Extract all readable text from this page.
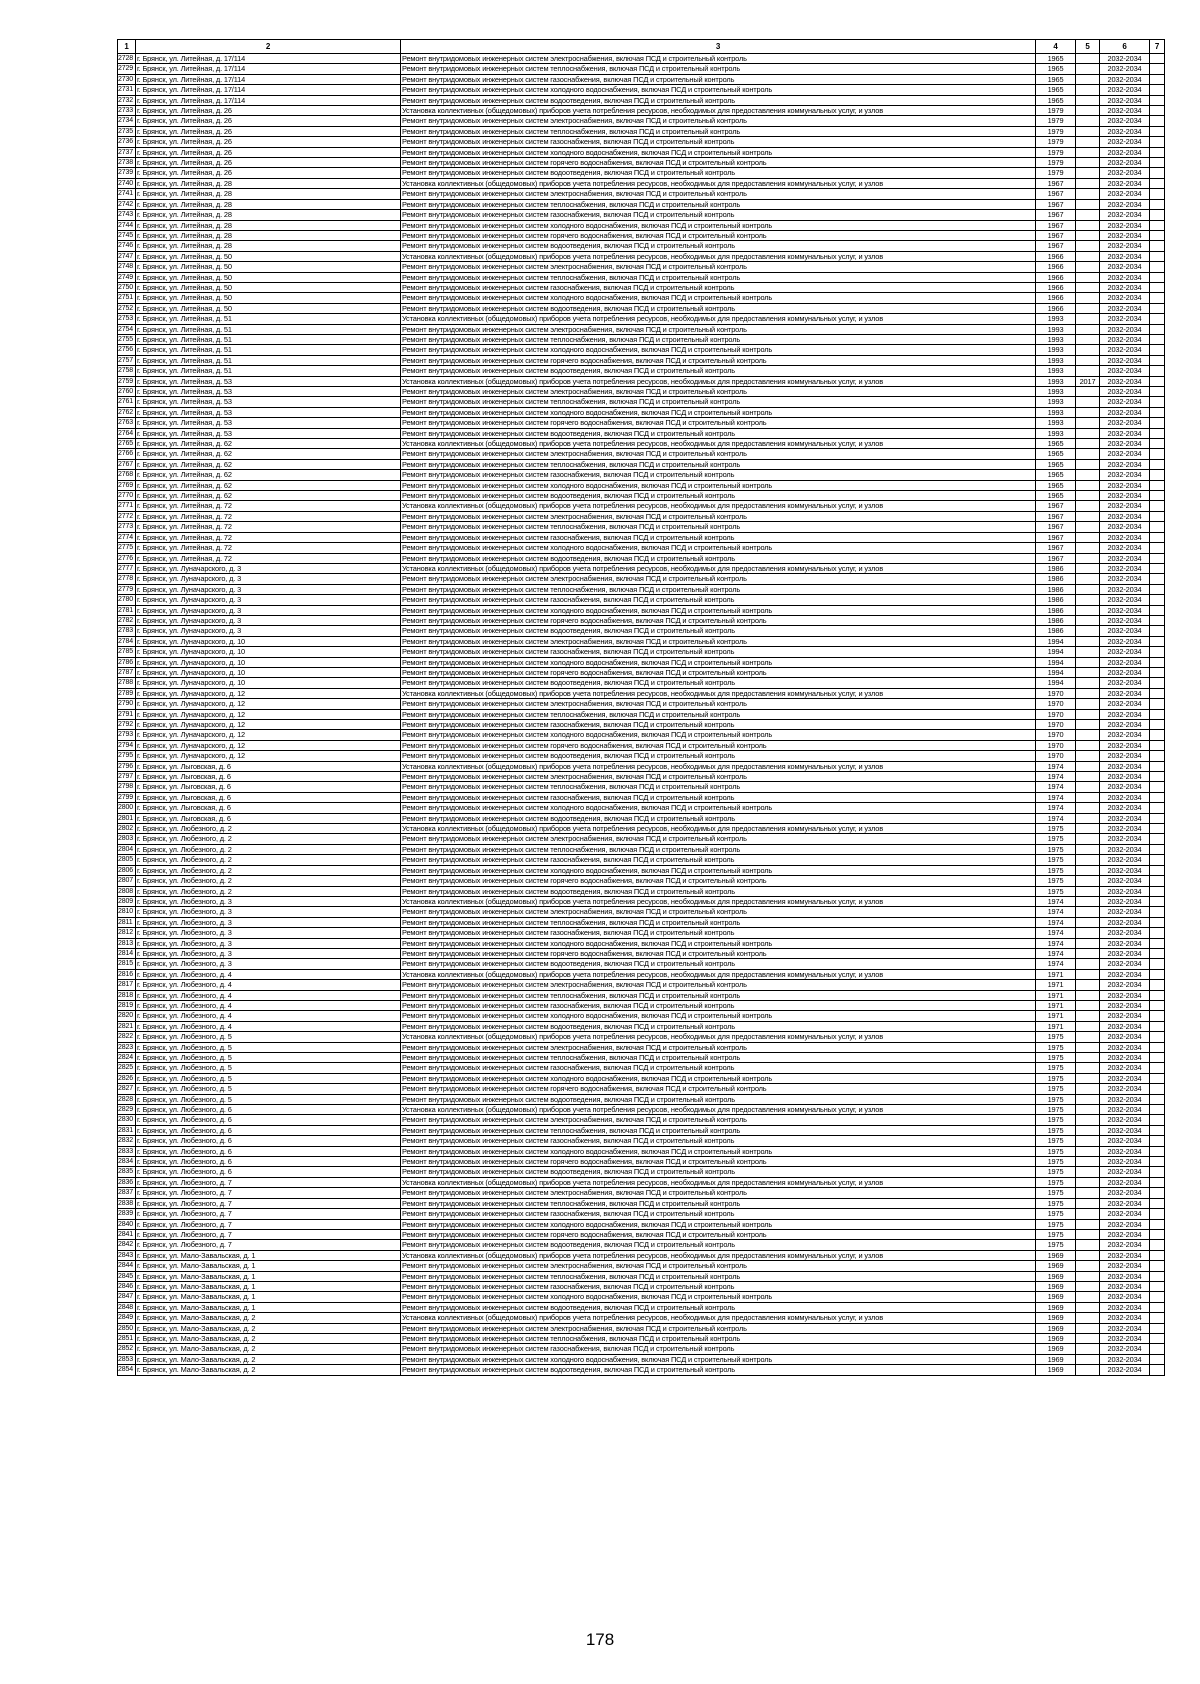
1	2	3	4	5	6	7
2728	г. Брянск, ул. Литейная, д. 17/114	Ремонт внутридомовых инженерных систем электроснабжения, включая ПСД и строительный контроль	1965		2032-2034	
2729	г. Брянск, ул. Литейная, д. 17/114	Ремонт внутридомовых инженерных систем теплоснабжения, включая ПСД и строительный контроль	1965		2032-2034	
2730	г. Брянск, ул. Литейная, д. 17/114	Ремонт внутридомовых инженерных систем газоснабжения, включая ПСД и строительный контроль	1965		2032-2034	
2731	г. Брянск, ул. Литейная, д. 17/114	Ремонт внутридомовых инженерных систем холодного водоснабжения, включая ПСД и строительный контроль	1965		2032-2034	
2732	г. Брянск, ул. Литейная, д. 17/114	Ремонт внутридомовых инженерных систем водоотведения, включая ПСД и строительный контроль	1965		2032-2034	
2733	г. Брянск, ул. Литейная, д. 26	Установка коллективных (общедомовых) приборов учета потребления ресурсов, необходимых для предоставления коммунальных услуг, и узлов	1979		2032-2034	
2734	г. Брянск, ул. Литейная, д. 26	Ремонт внутридомовых инженерных систем электроснабжения, включая ПСД и строительный контроль	1979		2032-2034	
2735	г. Брянск, ул. Литейная, д. 26	Ремонт внутридомовых инженерных систем теплоснабжения, включая ПСД и строительный контроль	1979		2032-2034	
2736	г. Брянск, ул. Литейная, д. 26	Ремонт внутридомовых инженерных систем газоснабжения, включая ПСД и строительный контроль	1979		2032-2034	
2737	г. Брянск, ул. Литейная, д. 26	Ремонт внутридомовых инженерных систем холодного водоснабжения, включая ПСД и строительный контроль	1979		2032-2034	
2738	г. Брянск, ул. Литейная, д. 26	Ремонт внутридомовых инженерных систем горячего водоснабжения, включая ПСД и строительный контроль	1979		2032-2034	
2739	г. Брянск, ул. Литейная, д. 26	Ремонт внутридомовых инженерных систем водоотведения, включая ПСД и строительный контроль	1979		2032-2034	
2740	г. Брянск, ул. Литейная, д. 28	Установка коллективных (общедомовых) приборов учета потребления ресурсов, необходимых для предоставления коммунальных услуг, и узлов	1967		2032-2034	
2741	г. Брянск, ул. Литейная, д. 28	Ремонт внутридомовых инженерных систем электроснабжения, включая ПСД и строительный контроль	1967		2032-2034	
2742	г. Брянск, ул. Литейная, д. 28	Ремонт внутридомовых инженерных систем теплоснабжения, включая ПСД и строительный контроль	1967		2032-2034	
2743	г. Брянск, ул. Литейная, д. 28	Ремонт внутридомовых инженерных систем газоснабжения, включая ПСД и строительный контроль	1967		2032-2034	
2744	г. Брянск, ул. Литейная, д. 28	Ремонт внутридомовых инженерных систем холодного водоснабжения, включая ПСД и строительный контроль	1967		2032-2034	
2745	г. Брянск, ул. Литейная, д. 28	Ремонт внутридомовых инженерных систем горячего водоснабжения, включая ПСД и строительный контроль	1967		2032-2034	
2746	г. Брянск, ул. Литейная, д. 28	Ремонт внутридомовых инженерных систем водоотведения, включая ПСД и строительный контроль	1967		2032-2034	
2747	г. Брянск, ул. Литейная, д. 50	Установка коллективных (общедомовых) приборов учета потребления ресурсов, необходимых для предоставления коммунальных услуг, и узлов	1966		2032-2034	
2748	г. Брянск, ул. Литейная, д. 50	Ремонт внутридомовых инженерных систем электроснабжения, включая ПСД и строительный контроль	1966		2032-2034	
2749	г. Брянск, ул. Литейная, д. 50	Ремонт внутридомовых инженерных систем теплоснабжения, включая ПСД и строительный контроль	1966		2032-2034	
2750	г. Брянск, ул. Литейная, д. 50	Ремонт внутридомовых инженерных систем газоснабжения, включая ПСД и строительный контроль	1966		2032-2034	
2751	г. Брянск, ул. Литейная, д. 50	Ремонт внутридомовых инженерных систем холодного водоснабжения, включая ПСД и строительный контроль	1966		2032-2034	
2752	г. Брянск, ул. Литейная, д. 50	Ремонт внутридомовых инженерных систем водоотведения, включая ПСД и строительный контроль	1966		2032-2034	
2753	г. Брянск, ул. Литейная, д. 51	Установка коллективных (общедомовых) приборов учета потребления ресурсов, необходимых для предоставления коммунальных услуг, и узлов	1993		2032-2034	
2754	г. Брянск, ул. Литейная, д. 51	Ремонт внутридомовых инженерных систем электроснабжения, включая ПСД и строительный контроль	1993		2032-2034	
2755	г. Брянск, ул. Литейная, д. 51	Ремонт внутридомовых инженерных систем теплоснабжения, включая ПСД и строительный контроль	1993		2032-2034	
2756	г. Брянск, ул. Литейная, д. 51	Ремонт внутридомовых инженерных систем холодного водоснабжения, включая ПСД и строительный контроль	1993		2032-2034	
2757	г. Брянск, ул. Литейная, д. 51	Ремонт внутридомовых инженерных систем горячего водоснабжения, включая ПСД и строительный контроль	1993		2032-2034	
2758	г. Брянск, ул. Литейная, д. 51	Ремонт внутридомовых инженерных систем водоотведения, включая ПСД и строительный контроль	1993		2032-2034	
2759	г. Брянск, ул. Литейная, д. 53	Установка коллективных (общедомовых) приборов учета потребления ресурсов, необходимых для предоставления коммунальных услуг, и узлов	1993	2017	2032-2034	
2760	г. Брянск, ул. Литейная, д. 53	Ремонт внутридомовых инженерных систем электроснабжения, включая ПСД и строительный контроль	1993		2032-2034	
2761	г. Брянск, ул. Литейная, д. 53	Ремонт внутридомовых инженерных систем теплоснабжения, включая ПСД и строительный контроль	1993		2032-2034	
2762	г. Брянск, ул. Литейная, д. 53	Ремонт внутридомовых инженерных систем холодного водоснабжения, включая ПСД и строительный контроль	1993		2032-2034	
2763	г. Брянск, ул. Литейная, д. 53	Ремонт внутридомовых инженерных систем горячего водоснабжения, включая ПСД и строительный контроль	1993		2032-2034	
2764	г. Брянск, ул. Литейная, д. 53	Ремонт внутридомовых инженерных систем водоотведения, включая ПСД и строительный контроль	1993		2032-2034	
2765	г. Брянск, ул. Литейная, д. 62	Установка коллективных (общедомовых) приборов учета потребления ресурсов, необходимых для предоставления коммунальных услуг, и узлов	1965		2032-2034	
2766	г. Брянск, ул. Литейная, д. 62	Ремонт внутридомовых инженерных систем электроснабжения, включая ПСД и строительный контроль	1965		2032-2034	
2767	г. Брянск, ул. Литейная, д. 62	Ремонт внутридомовых инженерных систем теплоснабжения, включая ПСД и строительный контроль	1965		2032-2034	
2768	г. Брянск, ул. Литейная, д. 62	Ремонт внутридомовых инженерных систем газоснабжения, включая ПСД и строительный контроль	1965		2032-2034	
2769	г. Брянск, ул. Литейная, д. 62	Ремонт внутридомовых инженерных систем холодного водоснабжения, включая ПСД и строительный контроль	1965		2032-2034	
2770	г. Брянск, ул. Литейная, д. 62	Ремонт внутридомовых инженерных систем водоотведения, включая ПСД и строительный контроль	1965		2032-2034	
2771	г. Брянск, ул. Литейная, д. 72	Установка коллективных (общедомовых) приборов учета потребления ресурсов, необходимых для предоставления коммунальных услуг, и узлов	1967		2032-2034	
2772	г. Брянск, ул. Литейная, д. 72	Ремонт внутридомовых инженерных систем электроснабжения, включая ПСД и строительный контроль	1967		2032-2034	
2773	г. Брянск, ул. Литейная, д. 72	Ремонт внутридомовых инженерных систем теплоснабжения, включая ПСД и строительный контроль	1967		2032-2034	
2774	г. Брянск, ул. Литейная, д. 72	Ремонт внутридомовых инженерных систем газоснабжения, включая ПСД и строительный контроль	1967		2032-2034	
2775	г. Брянск, ул. Литейная, д. 72	Ремонт внутридомовых инженерных систем холодного водоснабжения, включая ПСД и строительный контроль	1967		2032-2034	
2776	г. Брянск, ул. Литейная, д. 72	Ремонт внутридомовых инженерных систем водоотведения, включая ПСД и строительный контроль	1967		2032-2034	
2777	г. Брянск, ул. Луначарского, д. 3	Установка коллективных (общедомовых) приборов учета потребления ресурсов, необходимых для предоставления коммунальных услуг, и узлов	1986		2032-2034	
2778	г. Брянск, ул. Луначарского, д. 3	Ремонт внутридомовых инженерных систем электроснабжения, включая ПСД и строительный контроль	1986		2032-2034	
2779	г. Брянск, ул. Луначарского, д. 3	Ремонт внутридомовых инженерных систем теплоснабжения, включая ПСД и строительный контроль	1986		2032-2034	
2780	г. Брянск, ул. Луначарского, д. 3	Ремонт внутридомовых инженерных систем газоснабжения, включая ПСД и строительный контроль	1986		2032-2034	
2781	г. Брянск, ул. Луначарского, д. 3	Ремонт внутридомовых инженерных систем холодного водоснабжения, включая ПСД и строительный контроль	1986		2032-2034	
2782	г. Брянск, ул. Луначарского, д. 3	Ремонт внутридомовых инженерных систем горячего водоснабжения, включая ПСД и строительный контроль	1986		2032-2034	
2783	г. Брянск, ул. Луначарского, д. 3	Ремонт внутридомовых инженерных систем водоотведения, включая ПСД и строительный контроль	1986		2032-2034	
2784	г. Брянск, ул. Луначарского, д. 10	Ремонт внутридомовых инженерных систем электроснабжения, включая ПСД и строительный контроль	1994		2032-2034	
2785	г. Брянск, ул. Луначарского, д. 10	Ремонт внутридомовых инженерных систем газоснабжения, включая ПСД и строительный контроль	1994		2032-2034	
2786	г. Брянск, ул. Луначарского, д. 10	Ремонт внутридомовых инженерных систем холодного водоснабжения, включая ПСД и строительный контроль	1994		2032-2034	
2787	г. Брянск, ул. Луначарского, д. 10	Ремонт внутридомовых инженерных систем горячего водоснабжения, включая ПСД и строительный контроль	1994		2032-2034	
2788	г. Брянск, ул. Луначарского, д. 10	Ремонт внутридомовых инженерных систем водоотведения, включая ПСД и строительный контроль	1994		2032-2034	
2789	г. Брянск, ул. Луначарского, д. 12	Установка коллективных (общедомовых) приборов учета потребления ресурсов, необходимых для предоставления коммунальных услуг, и узлов	1970		2032-2034	
2790	г. Брянск, ул. Луначарского, д. 12	Ремонт внутридомовых инженерных систем электроснабжения, включая ПСД и строительный контроль	1970		2032-2034	
2791	г. Брянск, ул. Луначарского, д. 12	Ремонт внутридомовых инженерных систем теплоснабжения, включая ПСД и строительный контроль	1970		2032-2034	
2792	г. Брянск, ул. Луначарского, д. 12	Ремонт внутридомовых инженерных систем газоснабжения, включая ПСД и строительный контроль	1970		2032-2034	
2793	г. Брянск, ул. Луначарского, д. 12	Ремонт внутридомовых инженерных систем холодного водоснабжения, включая ПСД и строительный контроль	1970		2032-2034	
2794	г. Брянск, ул. Луначарского, д. 12	Ремонт внутридомовых инженерных систем горячего водоснабжения, включая ПСД и строительный контроль	1970		2032-2034	
2795	г. Брянск, ул. Луначарского, д. 12	Ремонт внутридомовых инженерных систем водоотведения, включая ПСД и строительный контроль	1970		2032-2034	
2796	г. Брянск, ул. Лыговская, д. 6	Установка коллективных (общедомовых) приборов учета потребления ресурсов, необходимых для предоставления коммунальных услуг, и узлов	1974		2032-2034	
2797	г. Брянск, ул. Лыговская, д. 6	Ремонт внутридомовых инженерных систем электроснабжения, включая ПСД и строительный контроль	1974		2032-2034	
2798	г. Брянск, ул. Лыговская, д. 6	Ремонт внутридомовых инженерных систем теплоснабжения, включая ПСД и строительный контроль	1974		2032-2034	
2799	г. Брянск, ул. Лыговская, д. 6	Ремонт внутридомовых инженерных систем газоснабжения, включая ПСД и строительный контроль	1974		2032-2034	
2800	г. Брянск, ул. Лыговская, д. 6	Ремонт внутридомовых инженерных систем холодного водоснабжения, включая ПСД и строительный контроль	1974		2032-2034	
2801	г. Брянск, ул. Лыговская, д. 6	Ремонт внутридомовых инженерных систем водоотведения, включая ПСД и строительный контроль	1974		2032-2034	
2802	г. Брянск, ул. Любезного, д. 2	Установка коллективных (общедомовых) приборов учета потребления ресурсов, необходимых для предоставления коммунальных услуг, и узлов	1975		2032-2034	
2803	г. Брянск, ул. Любезного, д. 2	Ремонт внутридомовых инженерных систем электроснабжения, включая ПСД и строительный контроль	1975		2032-2034	
2804	г. Брянск, ул. Любезного, д. 2	Ремонт внутридомовых инженерных систем теплоснабжения, включая ПСД и строительный контроль	1975		2032-2034	
2805	г. Брянск, ул. Любезного, д. 2	Ремонт внутридомовых инженерных систем газоснабжения, включая ПСД и строительный контроль	1975		2032-2034	
2806	г. Брянск, ул. Любезного, д. 2	Ремонт внутридомовых инженерных систем холодного водоснабжения, включая ПСД и строительный контроль	1975		2032-2034	
2807	г. Брянск, ул. Любезного, д. 2	Ремонт внутридомовых инженерных систем горячего водоснабжения, включая ПСД и строительный контроль	1975		2032-2034	
2808	г. Брянск, ул. Любезного, д. 2	Ремонт внутридомовых инженерных систем водоотведения, включая ПСД и строительный контроль	1975		2032-2034	
2809	г. Брянск, ул. Любезного, д. 3	Установка коллективных (общедомовых) приборов учета потребления ресурсов, необходимых для предоставления коммунальных услуг, и узлов	1974		2032-2034	
2810	г. Брянск, ул. Любезного, д. 3	Ремонт внутридомовых инженерных систем электроснабжения, включая ПСД и строительный контроль	1974		2032-2034	
2811	г. Брянск, ул. Любезного, д. 3	Ремонт внутридомовых инженерных систем теплоснабжения, включая ПСД и строительный контроль	1974		2032-2034	
2812	г. Брянск, ул. Любезного, д. 3	Ремонт внутридомовых инженерных систем газоснабжения, включая ПСД и строительный контроль	1974		2032-2034	
2813	г. Брянск, ул. Любезного, д. 3	Ремонт внутридомовых инженерных систем холодного водоснабжения, включая ПСД и строительный контроль	1974		2032-2034	
2814	г. Брянск, ул. Любезного, д. 3	Ремонт внутридомовых инженерных систем горячего водоснабжения, включая ПСД и строительный контроль	1974		2032-2034	
2815	г. Брянск, ул. Любезного, д. 3	Ремонт внутридомовых инженерных систем водоотведения, включая ПСД и строительный контроль	1974		2032-2034	
2816	г. Брянск, ул. Любезного, д. 4	Установка коллективных (общедомовых) приборов учета потребления ресурсов, необходимых для предоставления коммунальных услуг, и узлов	1971		2032-2034	
2817	г. Брянск, ул. Любезного, д. 4	Ремонт внутридомовых инженерных систем электроснабжения, включая ПСД и строительный контроль	1971		2032-2034	
2818	г. Брянск, ул. Любезного, д. 4	Ремонт внутридомовых инженерных систем теплоснабжения, включая ПСД и строительный контроль	1971		2032-2034	
2819	г. Брянск, ул. Любезного, д. 4	Ремонт внутридомовых инженерных систем газоснабжения, включая ПСД и строительный контроль	1971		2032-2034	
2820	г. Брянск, ул. Любезного, д. 4	Ремонт внутридомовых инженерных систем холодного водоснабжения, включая ПСД и строительный контроль	1971		2032-2034	
2821	г. Брянск, ул. Любезного, д. 4	Ремонт внутридомовых инженерных систем водоотведения, включая ПСД и строительный контроль	1971		2032-2034	
2822	г. Брянск, ул. Любезного, д. 5	Установка коллективных (общедомовых) приборов учета потребления ресурсов, необходимых для предоставления коммунальных услуг, и узлов	1975		2032-2034	
2823	г. Брянск, ул. Любезного, д. 5	Ремонт внутридомовых инженерных систем электроснабжения, включая ПСД и строительный контроль	1975		2032-2034	
2824	г. Брянск, ул. Любезного, д. 5	Ремонт внутридомовых инженерных систем теплоснабжения, включая ПСД и строительный контроль	1975		2032-2034	
2825	г. Брянск, ул. Любезного, д. 5	Ремонт внутридомовых инженерных систем газоснабжения, включая ПСД и строительный контроль	1975		2032-2034	
2826	г. Брянск, ул. Любезного, д. 5	Ремонт внутридомовых инженерных систем холодного водоснабжения, включая ПСД и строительный контроль	1975		2032-2034	
2827	г. Брянск, ул. Любезного, д. 5	Ремонт внутридомовых инженерных систем горячего водоснабжения, включая ПСД и строительный контроль	1975		2032-2034	
2828	г. Брянск, ул. Любезного, д. 5	Ремонт внутридомовых инженерных систем водоотведения, включая ПСД и строительный контроль	1975		2032-2034	
2829	г. Брянск, ул. Любезного, д. 6	Установка коллективных (общедомовых) приборов учета потребления ресурсов, необходимых для предоставления коммунальных услуг, и узлов	1975		2032-2034	
2830	г. Брянск, ул. Любезного, д. 6	Ремонт внутридомовых инженерных систем электроснабжения, включая ПСД и строительный контроль	1975		2032-2034	
2831	г. Брянск, ул. Любезного, д. 6	Ремонт внутридомовых инженерных систем теплоснабжения, включая ПСД и строительный контроль	1975		2032-2034	
2832	г. Брянск, ул. Любезного, д. 6	Ремонт внутридомовых инженерных систем газоснабжения, включая ПСД и строительный контроль	1975		2032-2034	
2833	г. Брянск, ул. Любезного, д. 6	Ремонт внутридомовых инженерных систем холодного водоснабжения, включая ПСД и строительный контроль	1975		2032-2034	
2834	г. Брянск, ул. Любезного, д. 6	Ремонт внутридомовых инженерных систем горячего водоснабжения, включая ПСД и строительный контроль	1975		2032-2034	
2835	г. Брянск, ул. Любезного, д. 6	Ремонт внутридомовых инженерных систем водоотведения, включая ПСД и строительный контроль	1975		2032-2034	
2836	г. Брянск, ул. Любезного, д. 7	Установка коллективных (общедомовых) приборов учета потребления ресурсов, необходимых для предоставления коммунальных услуг, и узлов	1975		2032-2034	
2837	г. Брянск, ул. Любезного, д. 7	Ремонт внутридомовых инженерных систем электроснабжения, включая ПСД и строительный контроль	1975		2032-2034	
2838	г. Брянск, ул. Любезного, д. 7	Ремонт внутридомовых инженерных систем теплоснабжения, включая ПСД и строительный контроль	1975		2032-2034	
2839	г. Брянск, ул. Любезного, д. 7	Ремонт внутридомовых инженерных систем газоснабжения, включая ПСД и строительный контроль	1975		2032-2034	
2840	г. Брянск, ул. Любезного, д. 7	Ремонт внутридомовых инженерных систем холодного водоснабжения, включая ПСД и строительный контроль	1975		2032-2034	
2841	г. Брянск, ул. Любезного, д. 7	Ремонт внутридомовых инженерных систем горячего водоснабжения, включая ПСД и строительный контроль	1975		2032-2034	
2842	г. Брянск, ул. Любезного, д. 7	Ремонт внутридомовых инженерных систем водоотведения, включая ПСД и строительный контроль	1975		2032-2034	
2843	г. Брянск, ул. Мало-Завальская, д. 1	Установка коллективных (общедомовых) приборов учета потребления ресурсов, необходимых для предоставления коммунальных услуг, и узлов	1969		2032-2034	
2844	г. Брянск, ул. Мало-Завальская, д. 1	Ремонт внутридомовых инженерных систем электроснабжения, включая ПСД и строительный контроль	1969		2032-2034	
2845	г. Брянск, ул. Мало-Завальская, д. 1	Ремонт внутридомовых инженерных систем теплоснабжения, включая ПСД и строительный контроль	1969		2032-2034	
2846	г. Брянск, ул. Мало-Завальская, д. 1	Ремонт внутридомовых инженерных систем газоснабжения, включая ПСД и строительный контроль	1969		2032-2034	
2847	г. Брянск, ул. Мало-Завальская, д. 1	Ремонт внутридомовых инженерных систем холодного водоснабжения, включая ПСД и строительный контроль	1969		2032-2034	
2848	г. Брянск, ул. Мало-Завальская, д. 1	Ремонт внутридомовых инженерных систем водоотведения, включая ПСД и строительный контроль	1969		2032-2034	
2849	г. Брянск, ул. Мало-Завальская, д. 2	Установка коллективных (общедомовых) приборов учета потребления ресурсов, необходимых для предоставления коммунальных услуг, и узлов	1969		2032-2034	
2850	г. Брянск, ул. Мало-Завальская, д. 2	Ремонт внутридомовых инженерных систем электроснабжения, включая ПСД и строительный контроль	1969		2032-2034	
2851	г. Брянск, ул. Мало-Завальская, д. 2	Ремонт внутридомовых инженерных систем теплоснабжения, включая ПСД и строительный контроль	1969		2032-2034	
2852	г. Брянск, ул. Мало-Завальская, д. 2	Ремонт внутридомовых инженерных систем газоснабжения, включая ПСД и строительный контроль	1969		2032-2034	
2853	г. Брянск, ул. Мало-Завальская, д. 2	Ремонт внутридомовых инженерных систем холодного водоснабжения, включая ПСД и строительный контроль	1969		2032-2034	
2854	г. Брянск, ул. Мало-Завальская, д. 2	Ремонт внутридомовых инженерных систем водоотведения, включая ПСД и строительный контроль	1969		2032-2034	
178
